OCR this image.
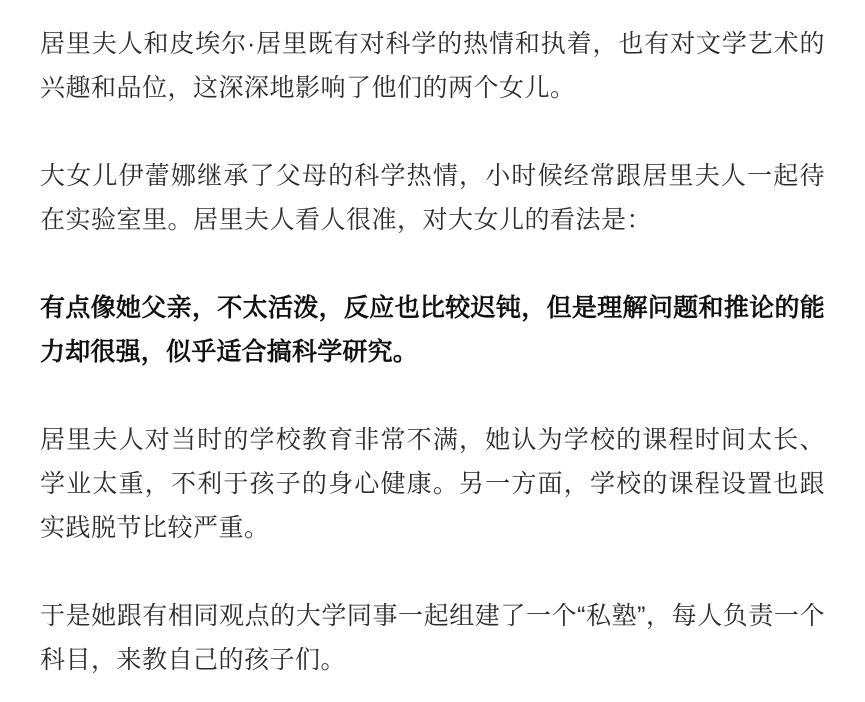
居里夫人和皮埃尔·居里既有对科学的热情和执着，也有对文学艺术的兴趣和品位，这深深地影响了他们的两个女儿。

大女儿伊蕾娜继承了父母的科学热情，小时候经常跟居里夫人一起待在实验室里。居里夫人看人很准，对大女儿的看法是：

有点像她父亲，不太活泼，反应也比较迟钝，但是理解问题和推论的能力却很强，似乎适合搞科学研究。

居里夫人对当时的学校教育非常不满，她认为学校的课程时间太长、学业太重，不利于孩子的身心健康。另一方面，学校的课程设置也跟实践脱节比较严重。

于是她跟有相同观点的大学同事一起组建了一个“私塾”，每人负责一个科目，来教自己的孩子们。
